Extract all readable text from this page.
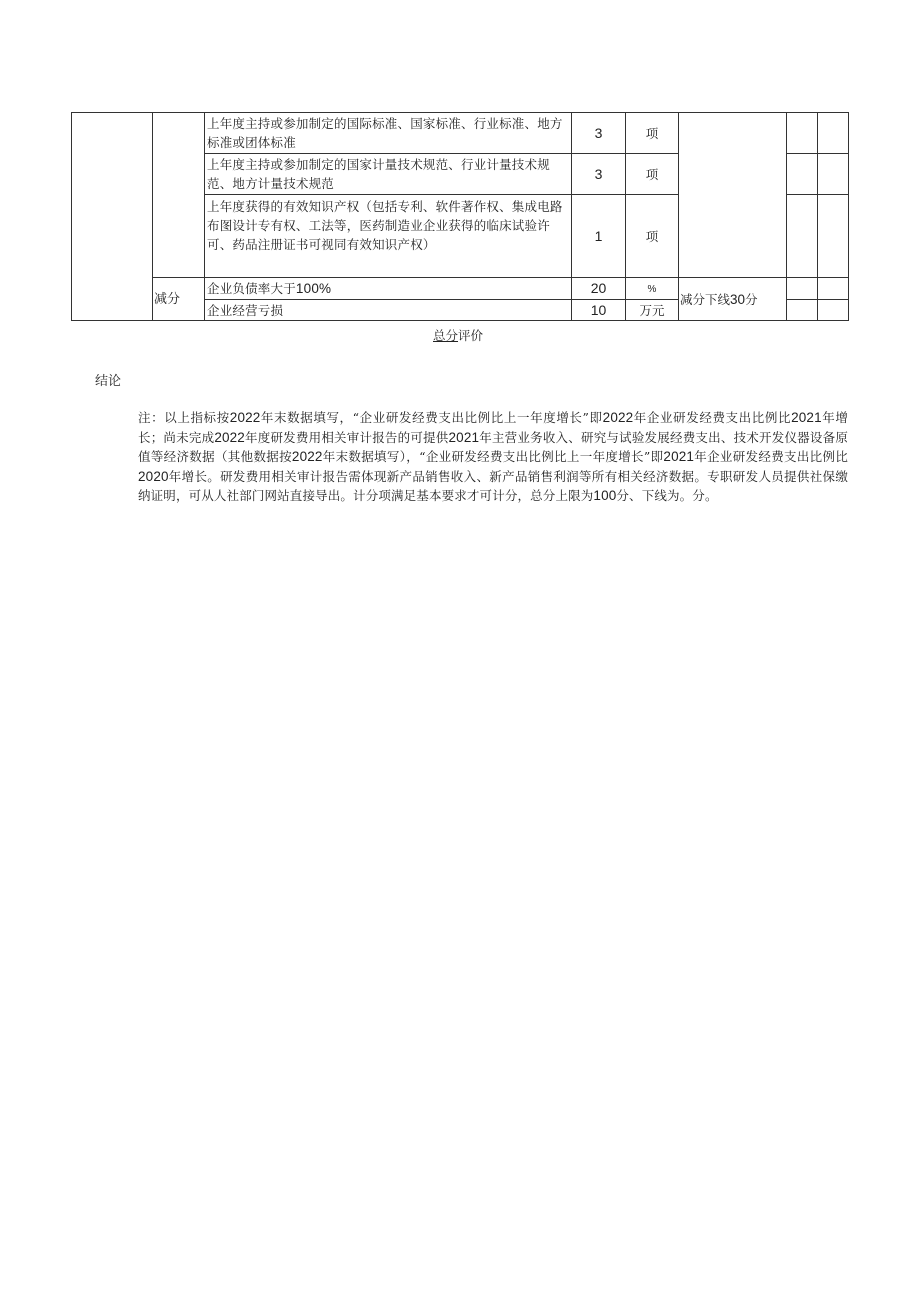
		上年度主持或参加制定的国际标准、国家标准、行业标准、地方标准或团体标准	3	项			
		上年度主持或参加制定的国家计量技术规范、行业计量技术规范、地方计量技术规范	3	项			
		上年度获得的有效知识产权（包括专利、软件著作权、集成电路布图设计专有权、工法等，医药制造业企业获得的临床试验许可、药品注册证书可视同有效知识产权）	1	项			
	减分	企业负债率大于100%	20	%	减分下线30分		
		企业经营亏损	10	万元			
总分评价
结论
注：以上指标按2022年末数据填写，“企业研发经费支出比例比上一年度增长”即2022年企业研发经费支出比例比2021年增长；尚未完成2022年度研发费用相关审计报告的可提供2021年主营业务收入、研究与试验发展经费支出、技术开发仪器设备原值等经济数据（其他数据按2022年末数据填写），“企业研发经费支出比例比上一年度增长”即2021年企业研发经费支出比例比2020年增长。研发费用相关审计报告需体现新产品销售收入、新产品销售利润等所有相关经济数据。专职研发人员提供社保缴纳证明，可从人社部门网站直接导出。计分项满足基本要求才可计分，总分上限为100分、下线为。分。
